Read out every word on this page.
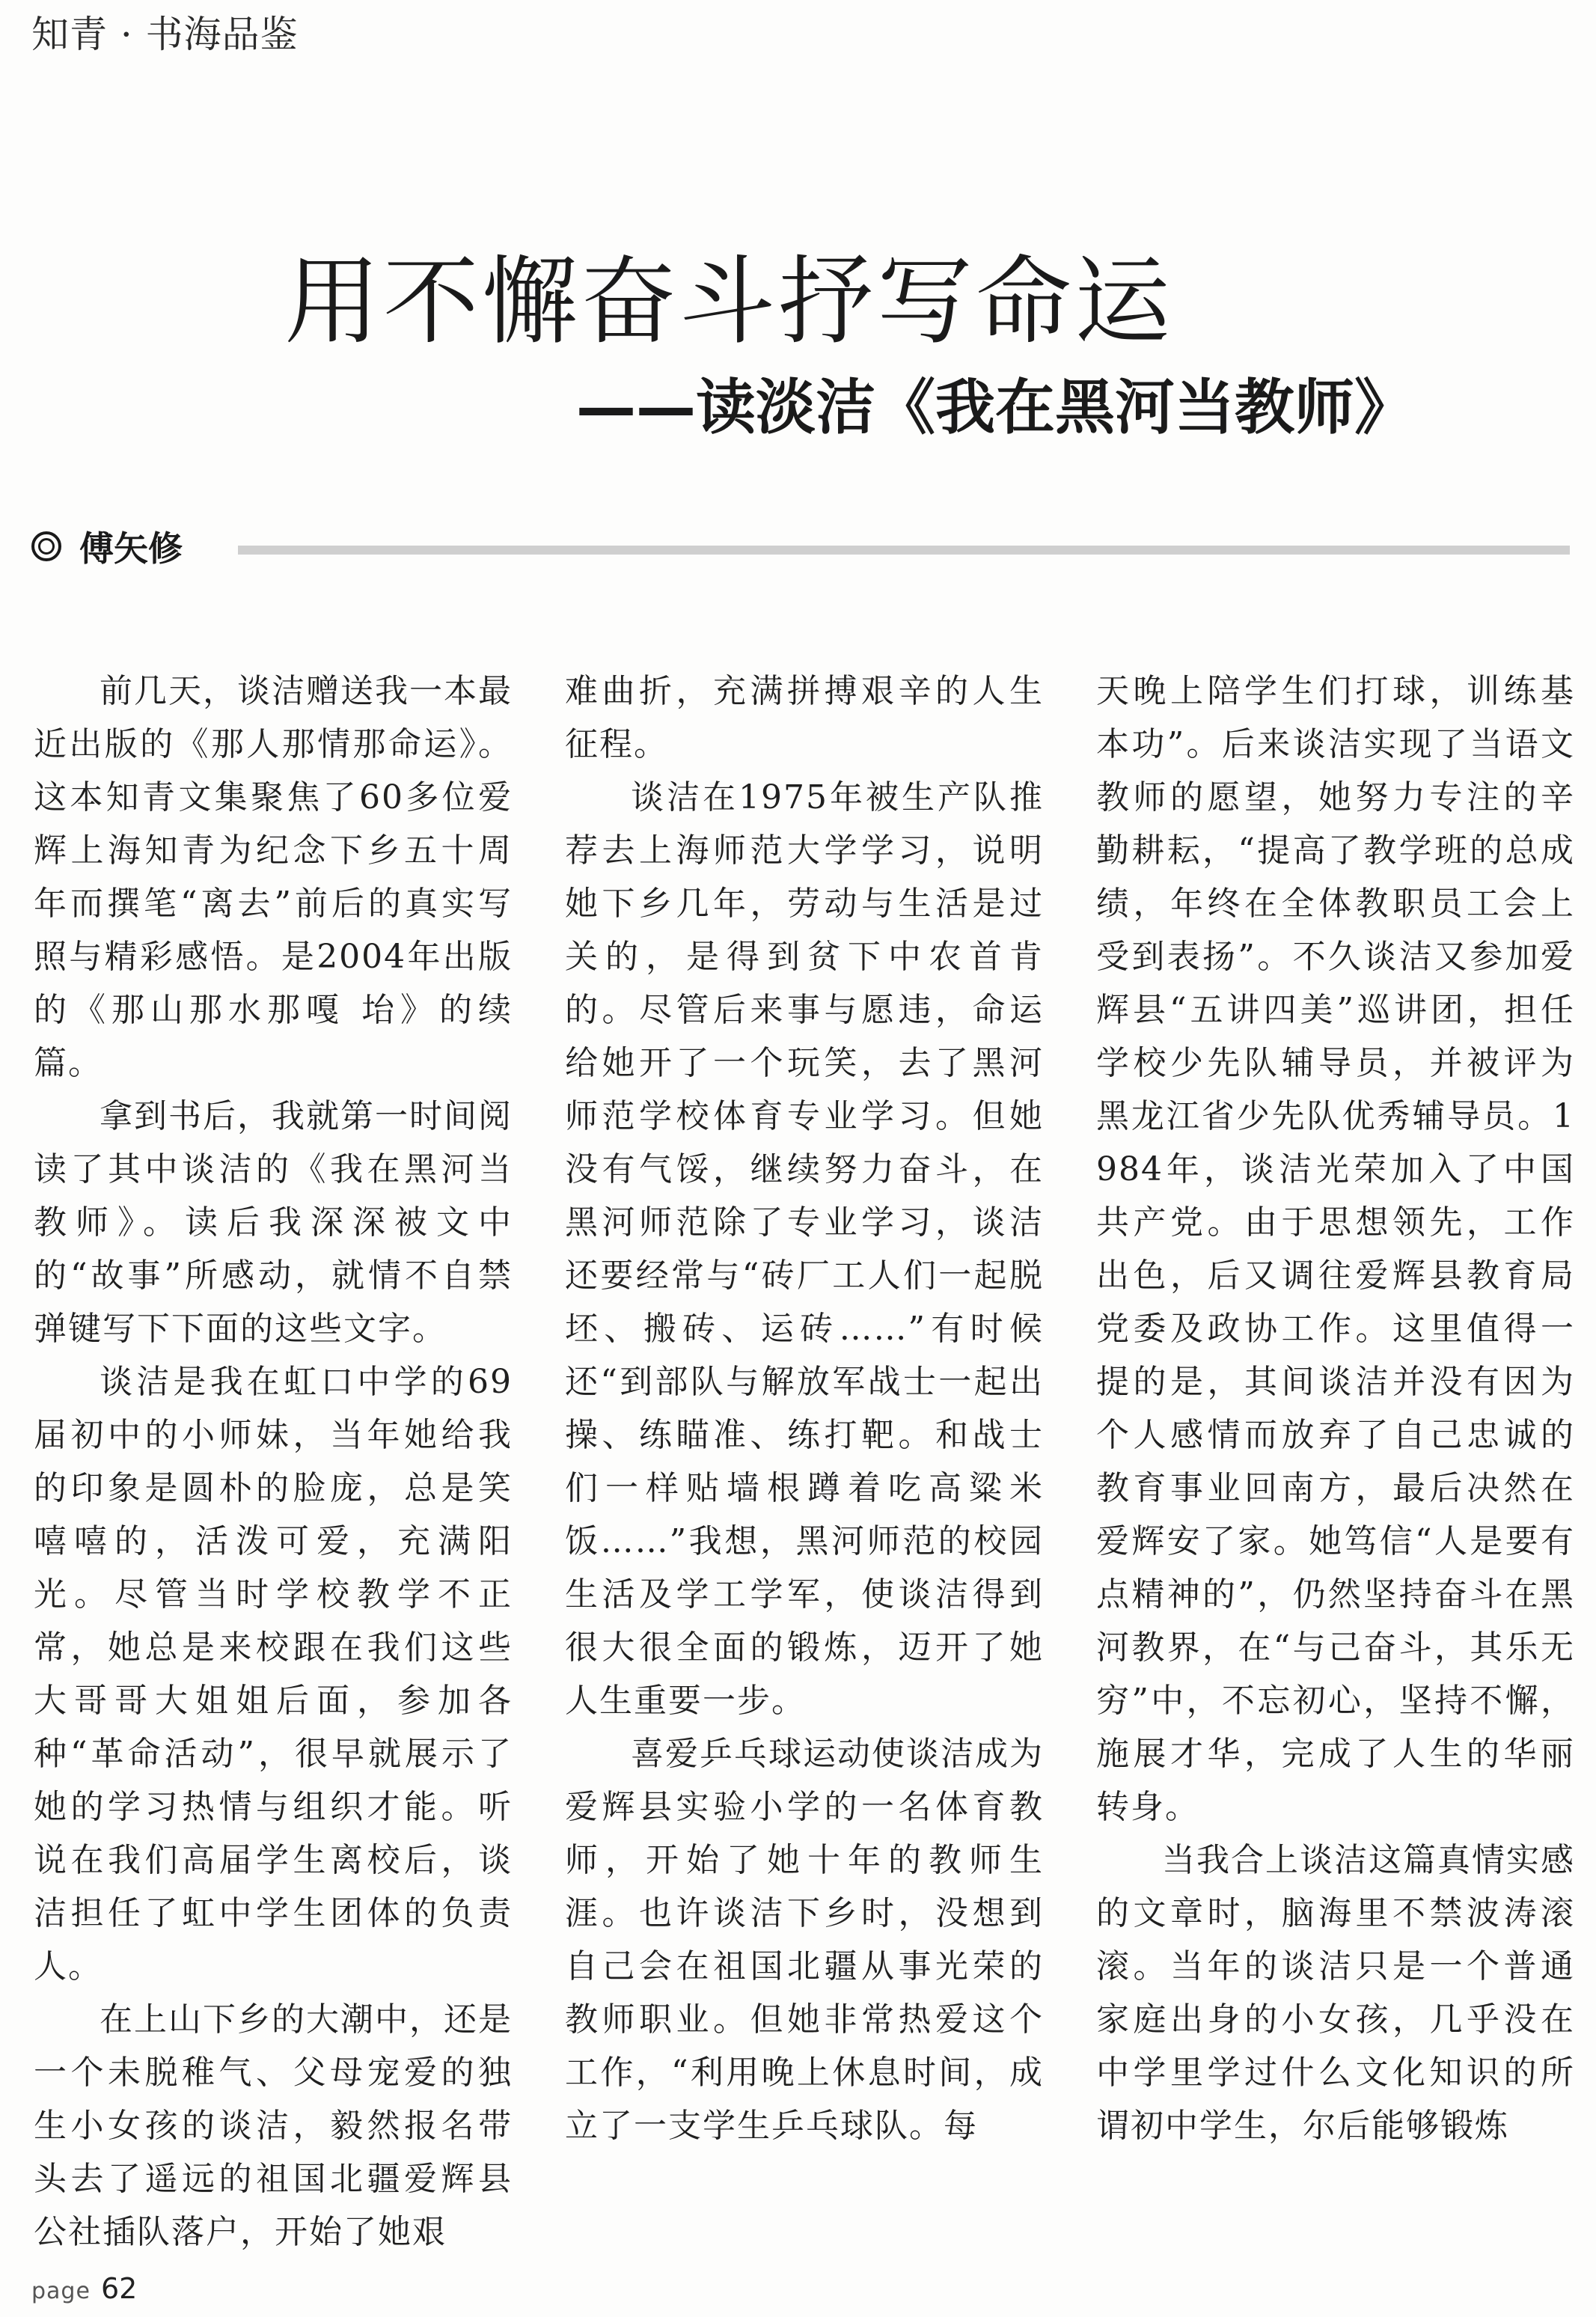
知青 · 书海品鉴
用不懈奋斗抒写命运
——读淡洁《我在黑河当教师》
傅矢修

前几天，谈洁赠送我一本最近出版的《那人那情那命运》。这本知青文集聚焦了60多位爱辉上海知青为纪念下乡五十周年而撰笔“离去”前后的真实写照与精彩感悟。是2004年出版的《那山那水那嘎 坮》的续篇。

拿到书后，我就第一时间阅读了其中谈洁的《我在黑河当教师》。读后我深深被文中的“故事”所感动，就情不自禁弹键写下下面的这些文字。

谈洁是我在虹口中学的69届初中的小师妹，当年她给我的印象是圆朴的脸庞，总是笑嘻嘻的，活泼可爱，充满阳光。尽管当时学校教学不正常，她总是来校跟在我们这些大哥哥大姐姐后面，参加各种“革命活动”，很早就展示了她的学习热情与组织才能。听说在我们高届学生离校后，谈洁担任了虹中学生团体的负责人。

在上山下乡的大潮中，还是一个未脱稚气、父母宠爱的独生小女孩的谈洁，毅然报名带头去了遥远的祖国北疆爱辉县公社插队落户，开始了她艰

难曲折，充满拼搏艰辛的人生征程。

谈洁在1975年被生产队推荐去上海师范大学学习，说明她下乡几年，劳动与生活是过关的，是得到贫下中农首肯的。尽管后来事与愿违，命运给她开了一个玩笑，去了黑河师范学校体育专业学习。但她没有气馁，继续努力奋斗，在黑河师范除了专业学习，谈洁还要经常与“砖厂工人们一起脱坯、搬砖、运砖……”有时候还“到部队与解放军战士一起出操、练瞄准、练打靶。和战士们一样贴墙根蹲着吃高粱米饭……”我想，黑河师范的校园生活及学工学军，使谈洁得到很大很全面的锻炼，迈开了她人生重要一步。

喜爱乒乓球运动使谈洁成为爱辉县实验小学的一名体育教师，开始了她十年的教师生涯。也许谈洁下乡时，没想到自己会在祖国北疆从事光荣的教师职业。但她非常热爱这个工作，“利用晚上休息时间，成立了一支学生乒乓球队。每

天晚上陪学生们打球，训练基本功”。后来谈洁实现了当语文教师的愿望，她努力专注的辛勤耕耘，“提高了教学班的总成绩，年终在全体教职员工会上受到表扬”。不久谈洁又参加爱辉县“五讲四美”巡讲团，担任学校少先队辅导员，并被评为黑龙江省少先队优秀辅导员。1984年，谈洁光荣加入了中国共产党。由于思想领先，工作出色，后又调往爱辉县教育局党委及政协工作。这里值得一提的是，其间谈洁并没有因为个人感情而放弃了自己忠诚的教育事业回南方，最后决然在爱辉安了家。她笃信“人是要有点精神的”，仍然坚持奋斗在黑河教界，在“与己奋斗，其乐无穷”中，不忘初心，坚持不懈，施展才华，完成了人生的华丽转身。

当我合上谈洁这篇真情实感的文章时，脑海里不禁波涛滚滚。当年的谈洁只是一个普通家庭出身的小女孩，几乎没在中学里学过什么文化知识的所谓初中学生，尔后能够锻炼

page 62
